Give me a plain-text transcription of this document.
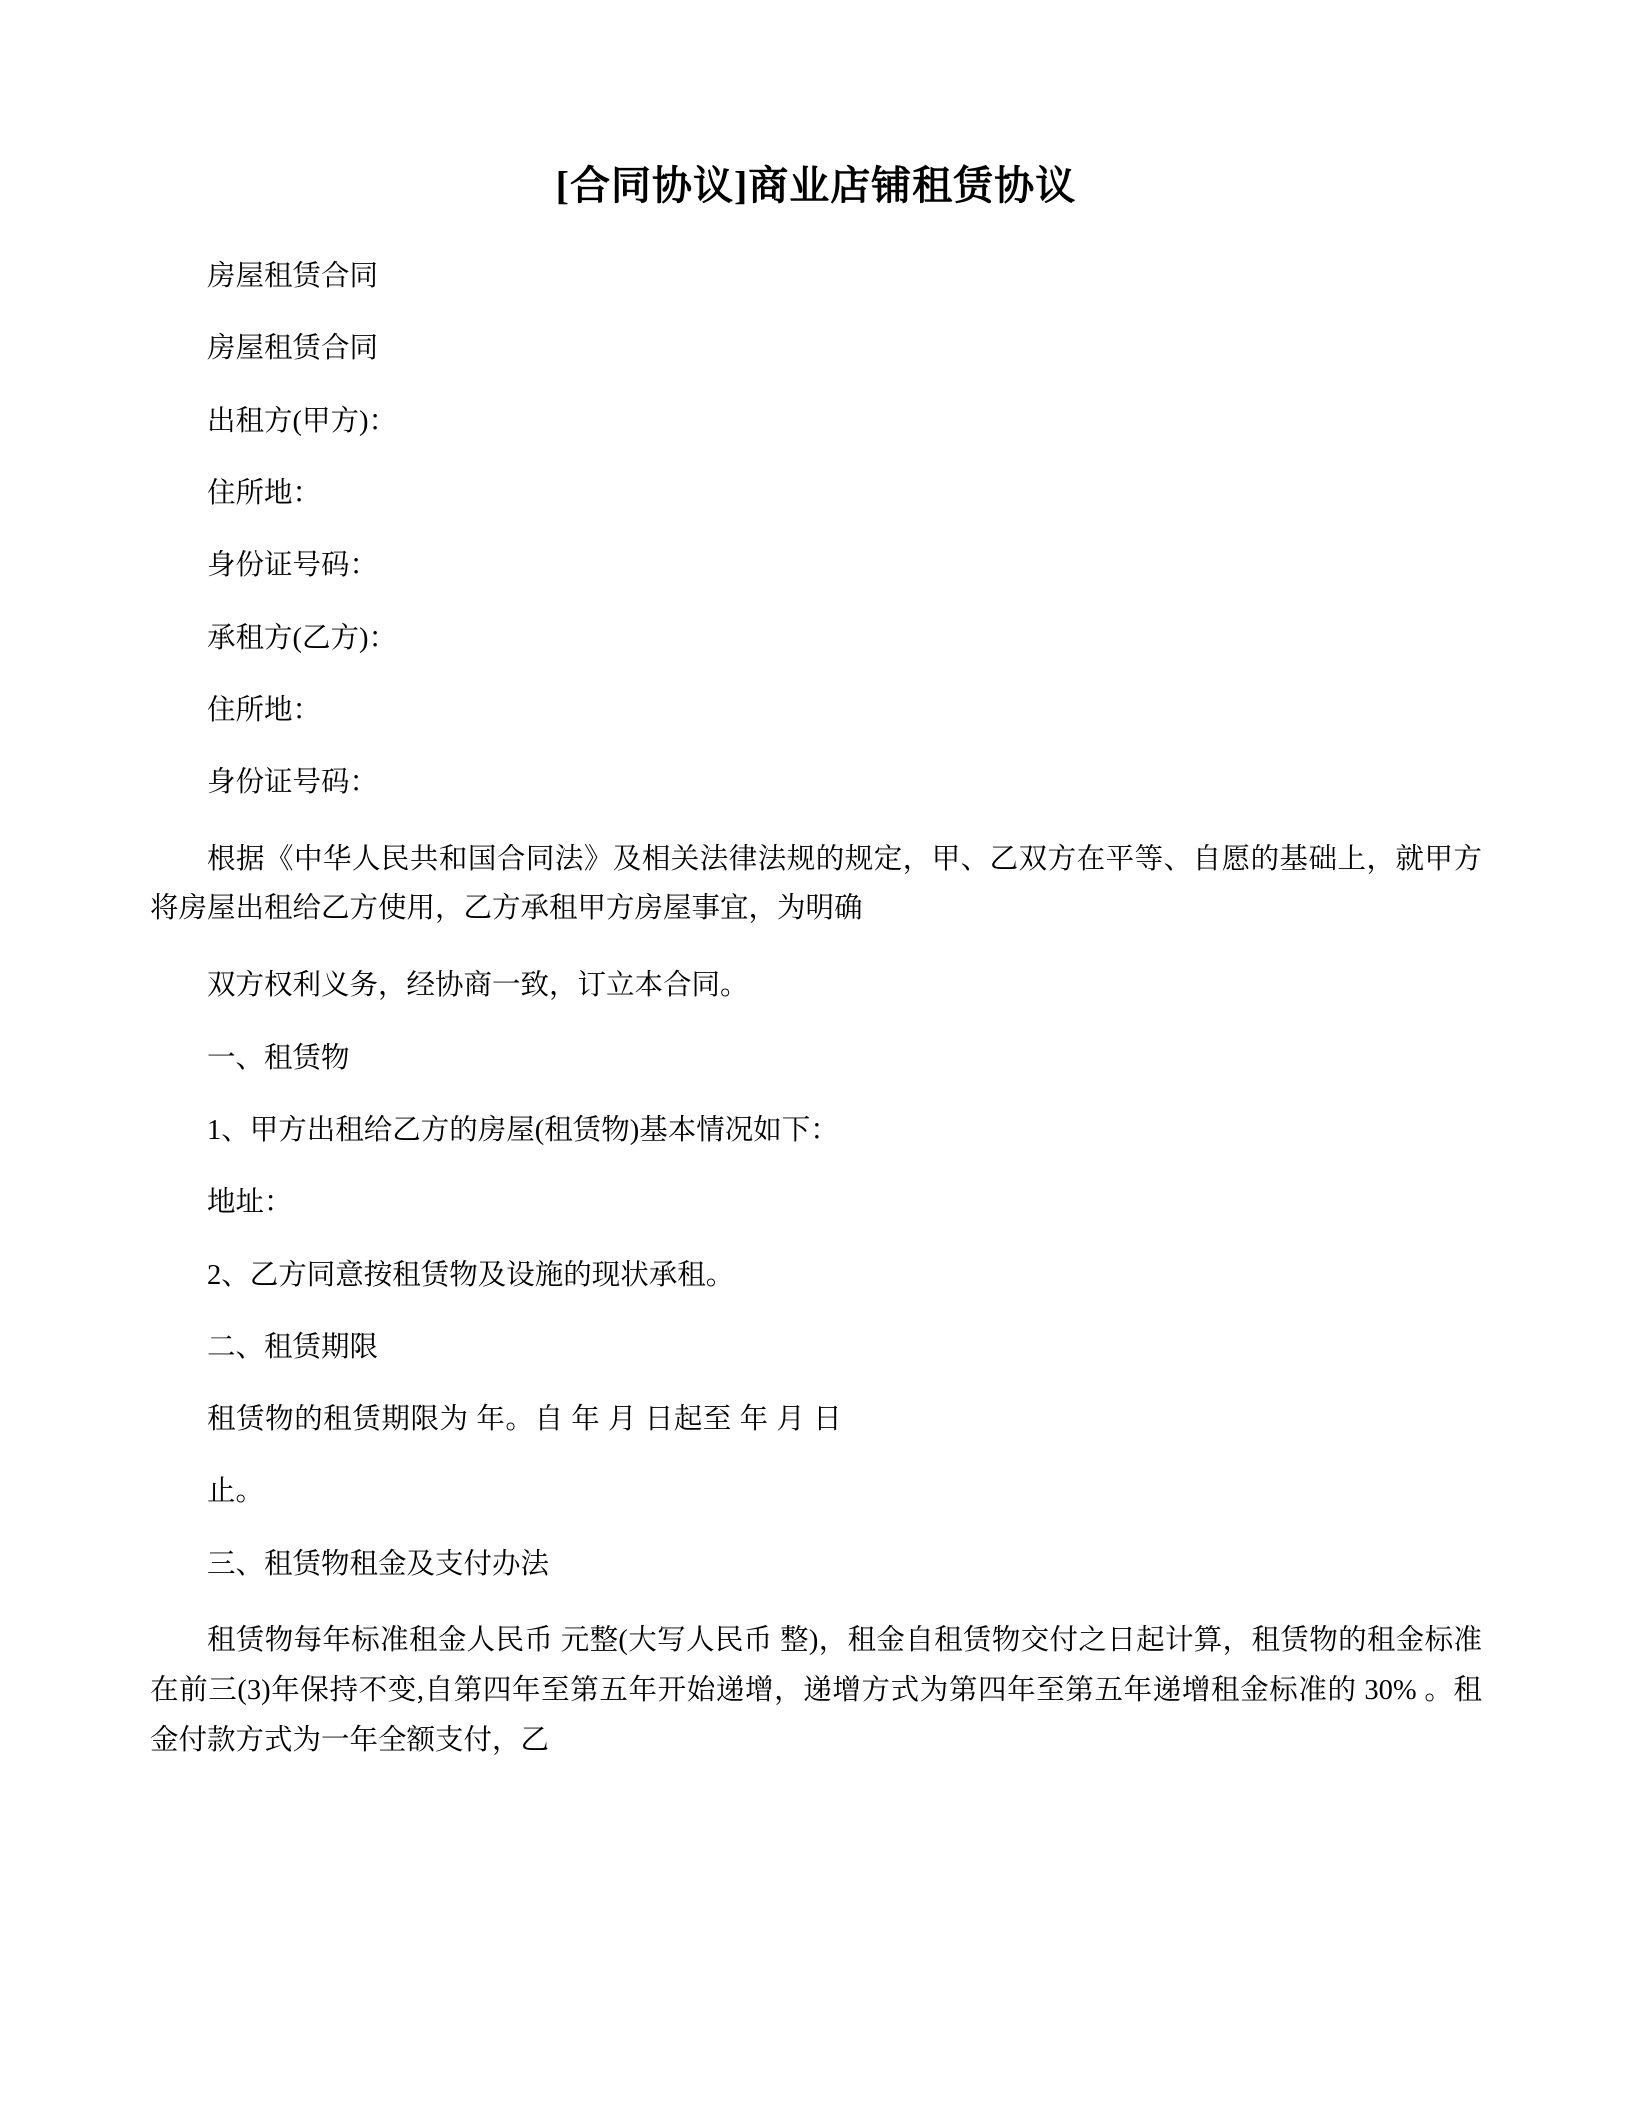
[合同协议]商业店铺租赁协议

房屋租赁合同

房屋租赁合同

出租方(甲方)：

住所地：

身份证号码：

承租方(乙方)：

住所地：

身份证号码：

根据《中华人民共和国合同法》及相关法律法规的规定，甲、乙双方在平等、自愿的基础上，就甲方将房屋出租给乙方使用，乙方承租甲方房屋事宜，为明确

双方权利义务，经协商一致，订立本合同。

一、租赁物

1、甲方出租给乙方的房屋(租赁物)基本情况如下：

地址：

2、乙方同意按租赁物及设施的现状承租。

二、租赁期限

租赁物的租赁期限为 年。自 年 月 日起至 年 月 日

止。

三、租赁物租金及支付办法

租赁物每年标准租金人民币 元整(大写人民币 整)，租金自租赁物交付之日起计算，租赁物的租金标准在前三(3)年保持不变,自第四年至第五年开始递增，递增方式为第四年至第五年递增租金标准的 30% 。租金付款方式为一年全额支付，乙
